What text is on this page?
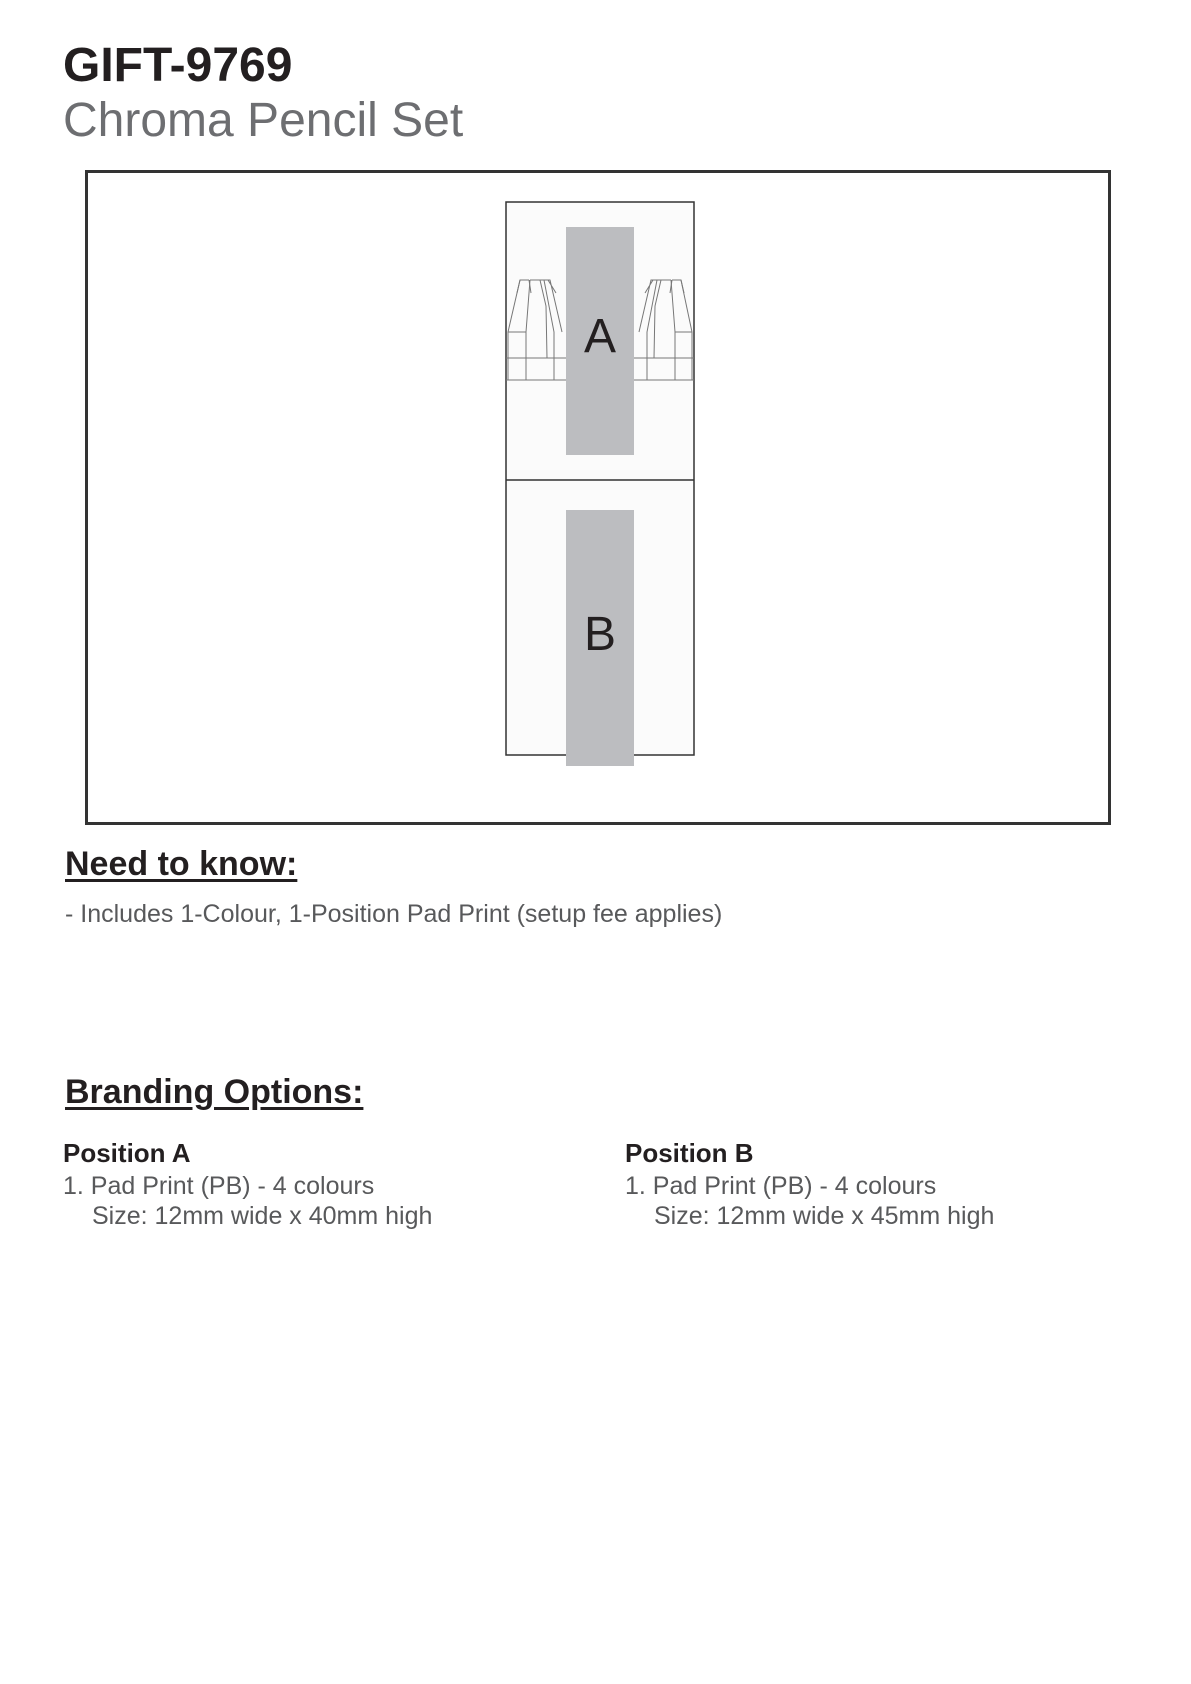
GIFT-9769
Chroma Pencil Set
A
B
Need to know:

- Includes 1-Colour, 1-Position Pad Print (setup fee applies)

Branding Options:

Position A

1. Pad Print (PB) - 4 colours

Size: 12mm wide x 40mm high

Position B

1. Pad Print (PB) - 4 colours

Size: 12mm wide x 45mm high
